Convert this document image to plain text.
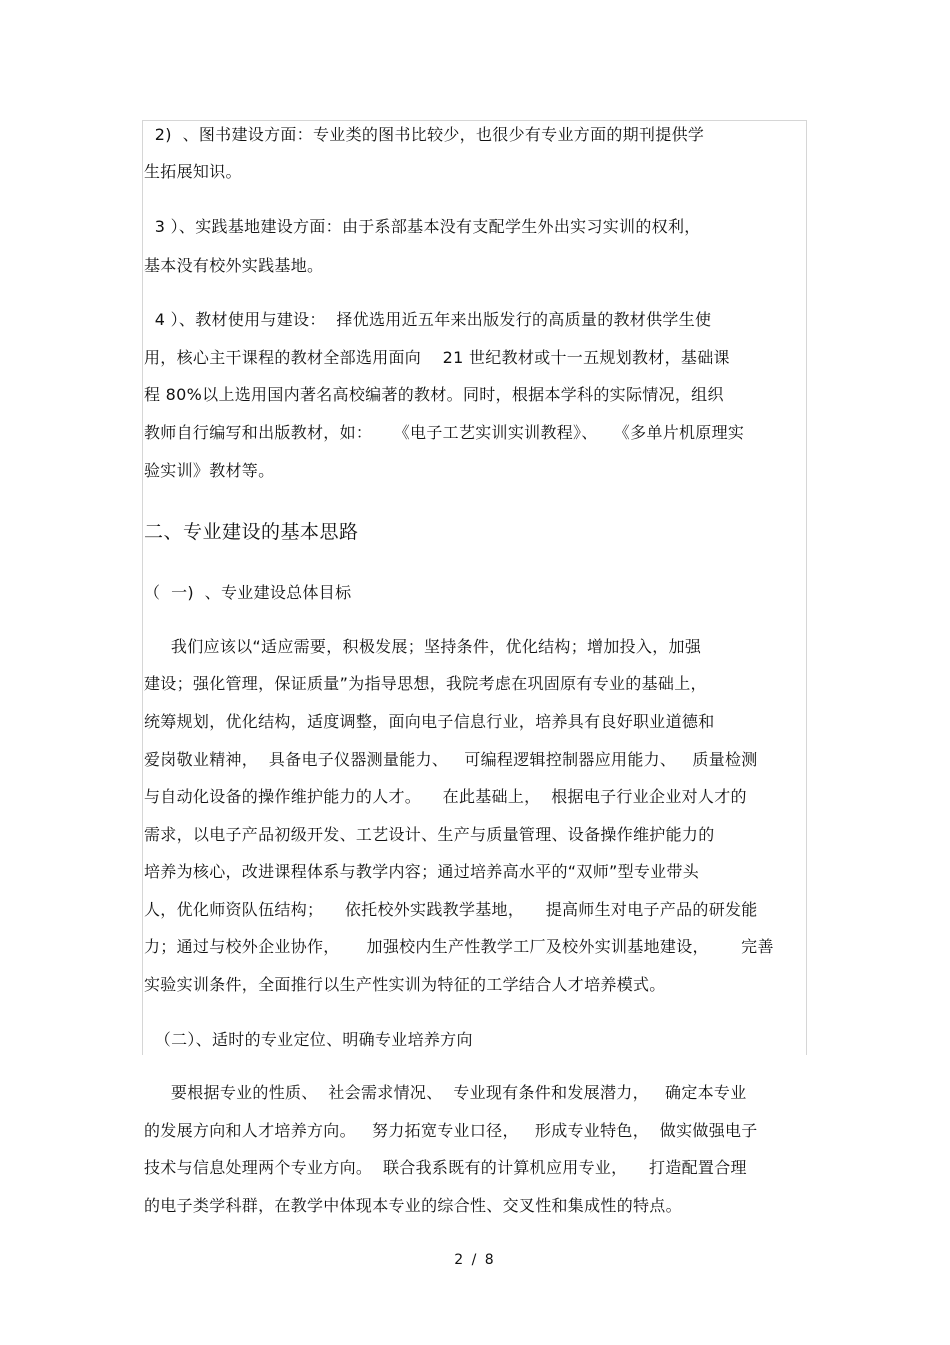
2)  、图书建设方面：专业类的图书比较少，也很少有专业方面的期刊提供学
生拓展知识。
3 ）、实践基地建设方面：由于系部基本没有支配学生外出实习实训的权利，
基本没有校外实践基地。
4 ）、教材使用与建设：  择优选用近五年来出版发行的高质量的教材供学生使
用，核心主干课程的教材全部选用面向    21 世纪教材或十一五规划教材，基础课
程 80%以上选用国内著名高校编著的教材。同时，根据本学科的实际情况，组织
教师自行编写和出版教材，如：    《电子工艺实训实训教程》、   《多单片机原理实
验实训》教材等。
二、专业建设的基本思路
（  一)  、专业建设总体目标
我们应该以“适应需要，积极发展；坚持条件，优化结构；增加投入，加强
建设；强化管理，保证质量”为指导思想，我院考虑在巩固原有专业的基础上，
统筹规划，优化结构，适度调整，面向电子信息行业，培养具有良好职业道德和
爱岗敬业精神，  具备电子仪器测量能力、   可编程逻辑控制器应用能力、   质量检测
与自动化设备的操作维护能力的人才。    在此基础上，  根据电子行业企业对人才的
需求，以电子产品初级开发、工艺设计、生产与质量管理、设备操作维护能力的
培养为核心，改进课程体系与教学内容；通过培养高水平的“双师”型专业带头
人，优化师资队伍结构；    依托校外实践教学基地，    提高师生对电子产品的研发能
力；通过与校外企业协作，     加强校内生产性教学工厂及校外实训基地建设，      完善
实验实训条件，全面推行以生产性实训为特征的工学结合人才培养模式。
（二）、适时的专业定位、明确专业培养方向
要根据专业的性质、  社会需求情况、  专业现有条件和发展潜力，   确定本专业
的发展方向和人才培养方向。   努力拓宽专业口径，   形成专业特色，  做实做强电子
技术与信息处理两个专业方向。  联合我系既有的计算机应用专业，    打造配置合理
的电子类学科群，在教学中体现本专业的综合性、交叉性和集成性的特点。
2 / 8
